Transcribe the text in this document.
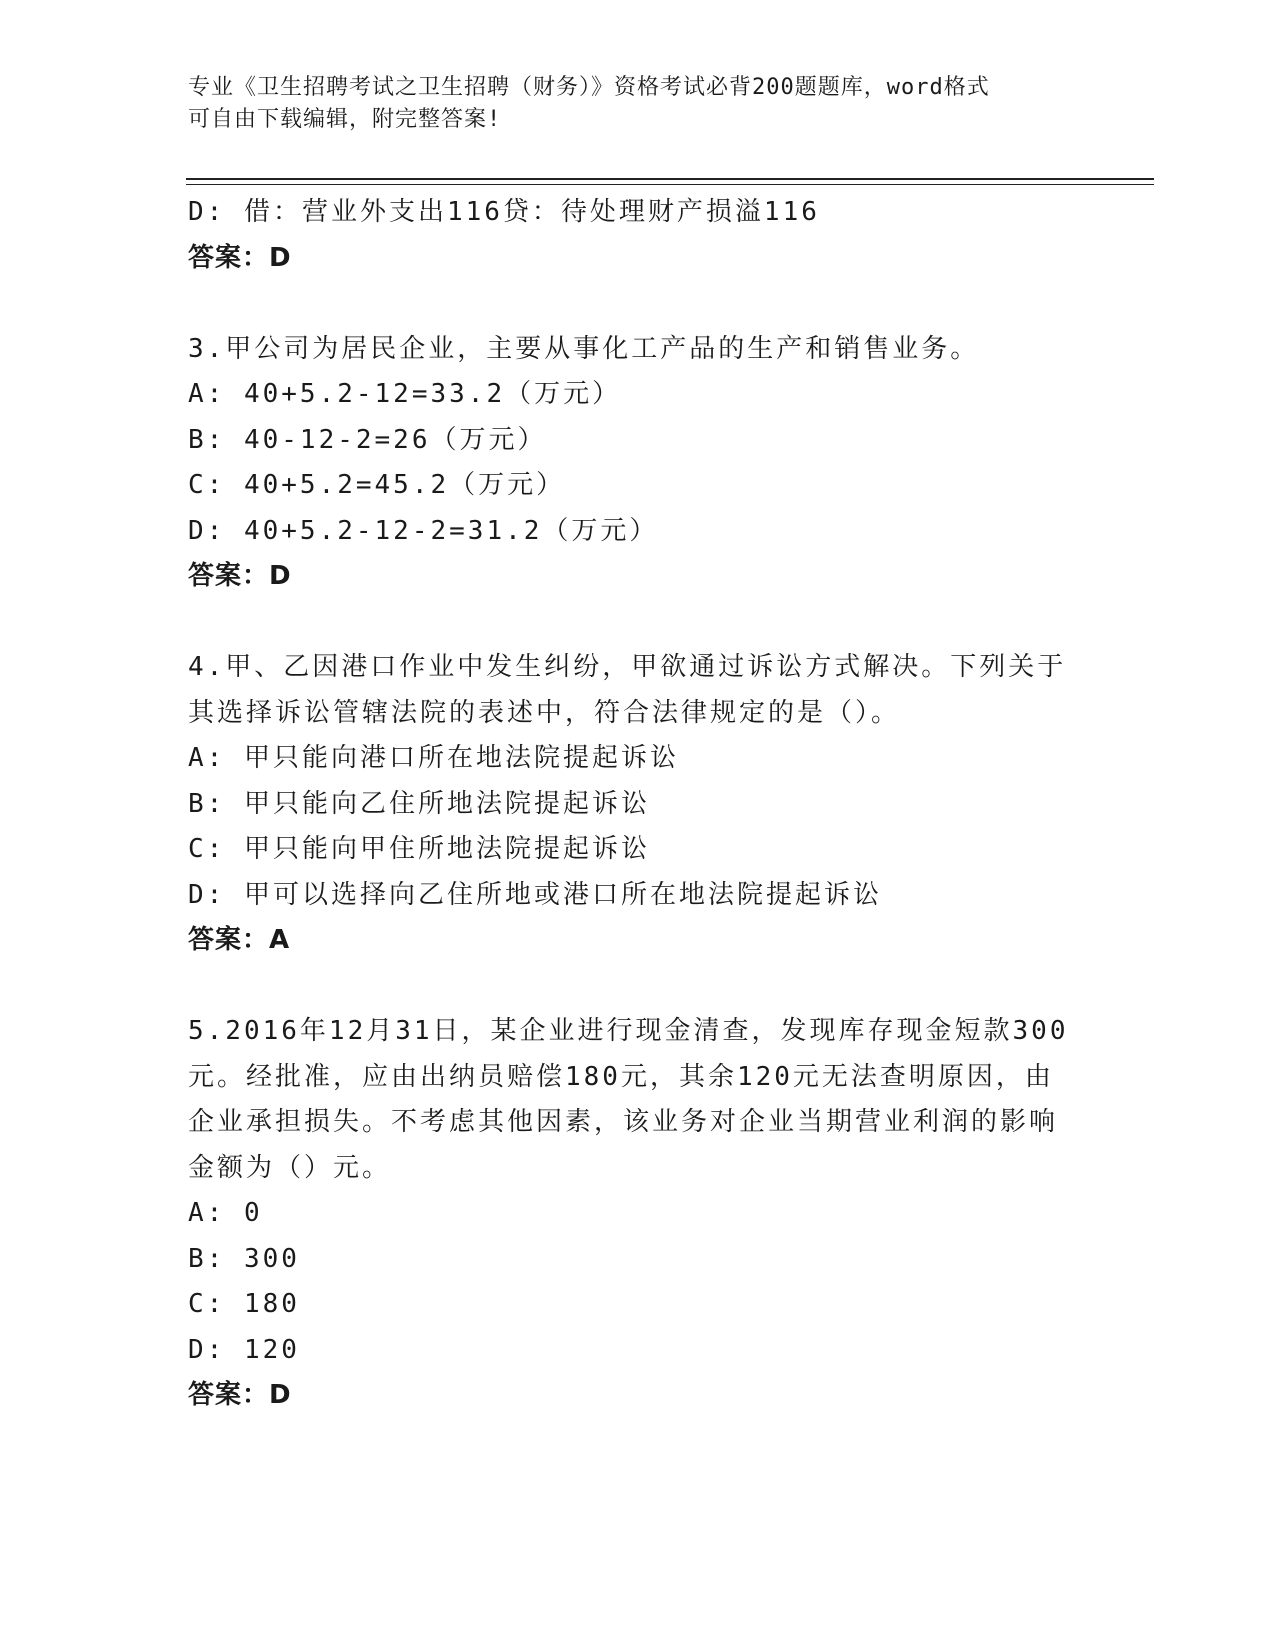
专业《卫生招聘考试之卫生招聘（财务）》资格考试必背200题题库，word格式
可自由下载编辑，附完整答案!
D: 借：营业外支出116贷：待处理财产损溢116
答案：D
3.甲公司为居民企业，主要从事化工产品的生产和销售业务。
A: 40+5.2-12=33.2（万元）
B: 40-12-2=26（万元）
C: 40+5.2=45.2（万元）
D: 40+5.2-12-2=31.2（万元）
答案：D
4.甲、乙因港口作业中发生纠纷，甲欲通过诉讼方式解决。下列关于
其选择诉讼管辖法院的表述中，符合法律规定的是（）。
A: 甲只能向港口所在地法院提起诉讼
B: 甲只能向乙住所地法院提起诉讼
C: 甲只能向甲住所地法院提起诉讼
D: 甲可以选择向乙住所地或港口所在地法院提起诉讼
答案：A
5.2016年12月31日，某企业进行现金清查，发现库存现金短款300
元。经批准，应由出纳员赔偿180元，其余120元无法查明原因，由
企业承担损失。不考虑其他因素，该业务对企业当期营业利润的影响
金额为（）元。
A: 0
B: 300
C: 180
D: 120
答案：D
